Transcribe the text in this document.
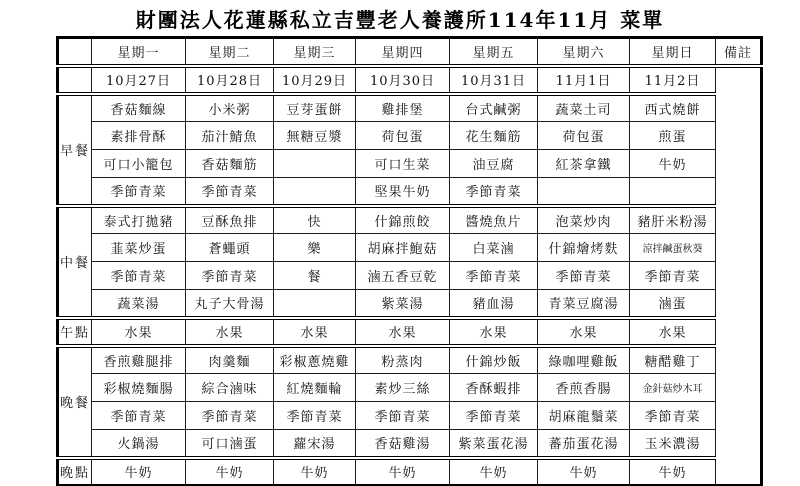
財團法人花蓮縣私立吉豐老人養護所114年11月 菜單
	星期一	星期二	星期三	星期四	星期五	星期六	星期日	備註
	10月27日	10月28日	10月29日	10月30日	10月31日	11月1日	11月2日	
早餐	香菇麵線	小米粥	豆芽蛋餅	雞排堡	台式鹹粥	蔬菜土司	西式燒餅	
	素排骨酥	茄汁鯖魚	無糖豆漿	荷包蛋	花生麵筋	荷包蛋	煎蛋	
	可口小籠包	香菇麵筋		可口生菜	油豆腐	紅茶拿鐵	牛奶	
	季節青菜	季節青菜		堅果牛奶	季節青菜			
中餐	泰式打拋豬	豆酥魚排	快	什錦煎餃	醬燒魚片	泡菜炒肉	豬肝米粉湯	
	韮菜炒蛋	蒼蠅頭	樂	胡麻拌鮑菇	白菜滷	什錦燴烤麩	涼拌鹹蛋秋葵	
	季節青菜	季節青菜	餐	滷五香豆乾	季節青菜	季節青菜	季節青菜	
	蔬菜湯	丸子大骨湯		紫菜湯	豬血湯	青菜豆腐湯	滷蛋	
午點	水果	水果	水果	水果	水果	水果	水果	
晚餐	香煎雞腿排	肉羹麵	彩椒蔥燒雞	粉蒸肉	什錦炒飯	綠咖哩雞飯	糖醋雞丁	
	彩椒燒麵腸	綜合滷味	紅燒麵輪	素炒三絲	香酥蝦排	香煎香腸	金針菇炒木耳	
	季節青菜	季節青菜	季節青菜	季節青菜	季節青菜	胡麻龍鬚菜	季節青菜	
	火鍋湯	可口滷蛋	蘿宋湯	香菇雞湯	紫菜蛋花湯	蕃茄蛋花湯	玉米濃湯	
晚點	牛奶	牛奶	牛奶	牛奶	牛奶	牛奶	牛奶	
